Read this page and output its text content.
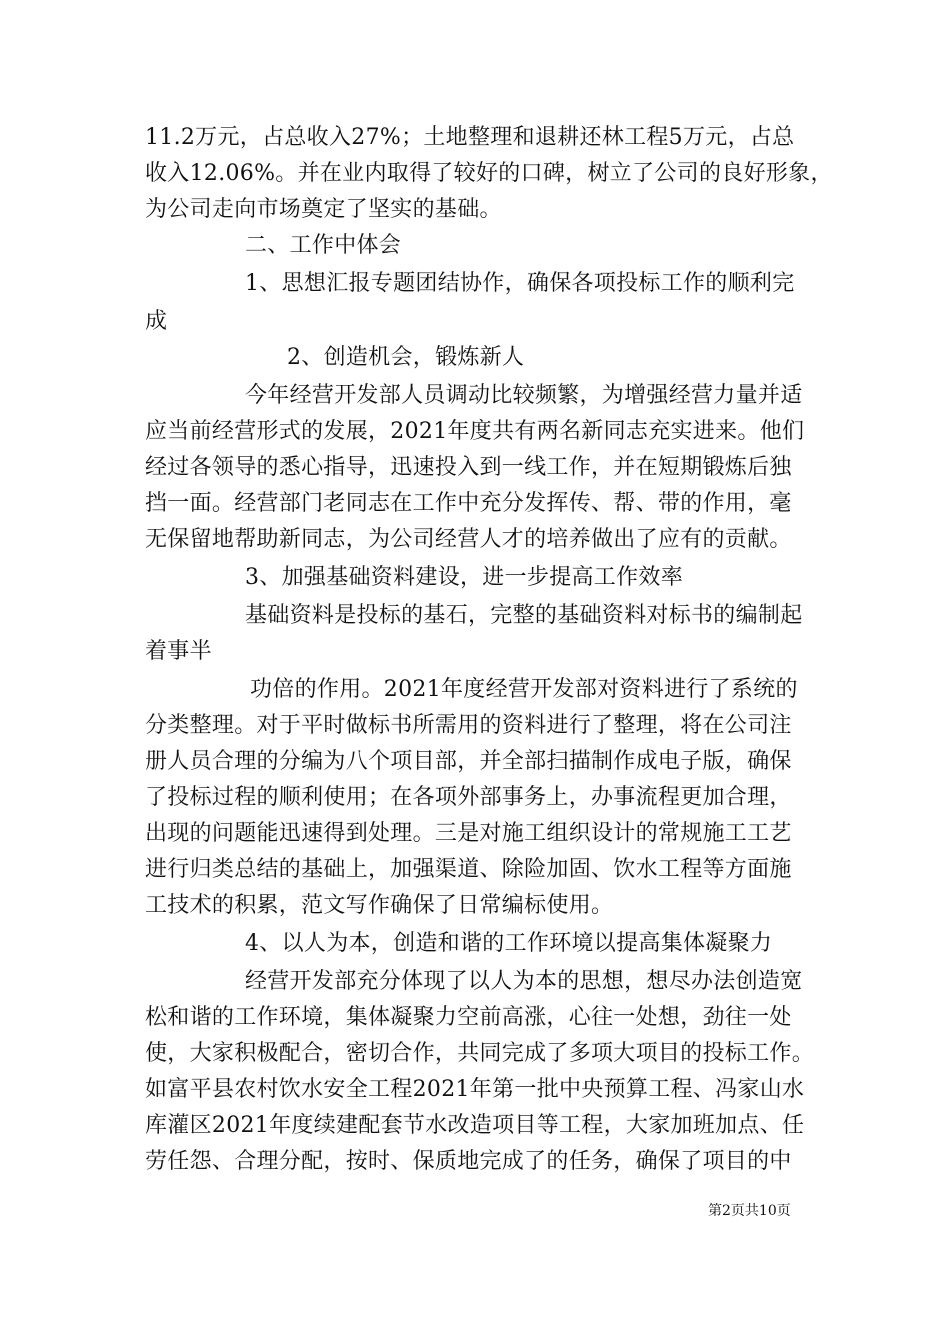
11.2万元，占总收入27%；土地整理和退耕还林工程5万元，占总
收入12.06%。并在业内取得了较好的口碑，树立了公司的良好形象，
为公司走向市场奠定了坚实的基础。
二、工作中体会
1、思想汇报专题团结协作，确保各项投标工作的顺利完
成
2、创造机会，锻炼新人
今年经营开发部人员调动比较频繁，为增强经营力量并适
应当前经营形式的发展，2021年度共有两名新同志充实进来。他们
经过各领导的悉心指导，迅速投入到一线工作，并在短期锻炼后独
挡一面。经营部门老同志在工作中充分发挥传、帮、带的作用，毫
无保留地帮助新同志，为公司经营人才的培养做出了应有的贡献。
3、加强基础资料建设，进一步提高工作效率
基础资料是投标的基石，完整的基础资料对标书的编制起
着事半
功倍的作用。2021年度经营开发部对资料进行了系统的
分类整理。对于平时做标书所需用的资料进行了整理，将在公司注
册人员合理的分编为八个项目部，并全部扫描制作成电子版，确保
了投标过程的顺利使用；在各项外部事务上，办事流程更加合理，
出现的问题能迅速得到处理。三是对施工组织设计的常规施工工艺
进行归类总结的基础上，加强渠道、除险加固、饮水工程等方面施
工技术的积累，范文写作确保了日常编标使用。
4、以人为本，创造和谐的工作环境以提高集体凝聚力
经营开发部充分体现了以人为本的思想，想尽办法创造宽
松和谐的工作环境，集体凝聚力空前高涨，心往一处想，劲往一处
使，大家积极配合，密切合作，共同完成了多项大项目的投标工作。
如富平县农村饮水安全工程2021年第一批中央预算工程、冯家山水
库灌区2021年度续建配套节水改造项目等工程，大家加班加点、任
劳任怨、合理分配，按时、保质地完成了的任务，确保了项目的中
第2页共10页
